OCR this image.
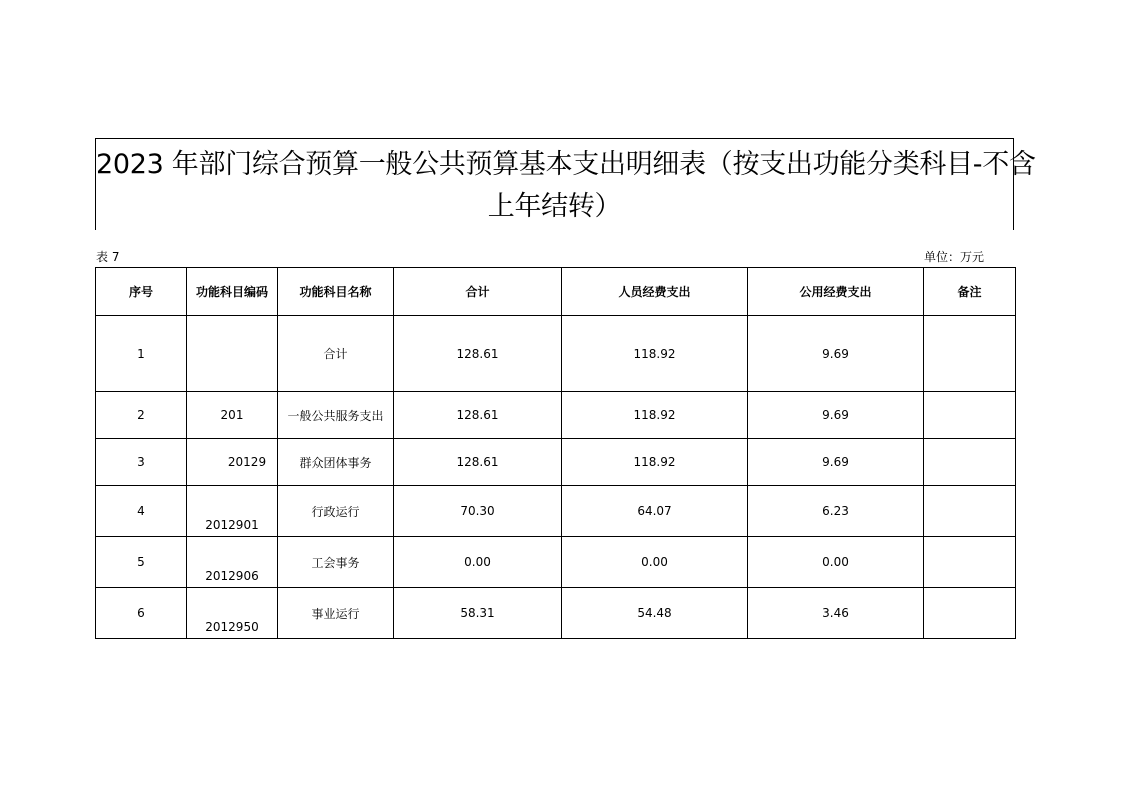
2023 年部门综合预算一般公共预算基本支出明细表（按支出功能分类科目-不含
上年结转）
表 7	单位：万元
序号	功能科目编码	功能科目名称	合计	人员经费支出	公用经费支出	备注
1		合计	128.61	118.92	9.69	
2	201	一般公共服务支出	128.61	118.92	9.69	
3	20129	群众团体事务	128.61	118.92	9.69	
4	2012901	行政运行	70.30	64.07	6.23	
5	2012906	工会事务	0.00	0.00	0.00	
6	2012950	事业运行	58.31	54.48	3.46	
